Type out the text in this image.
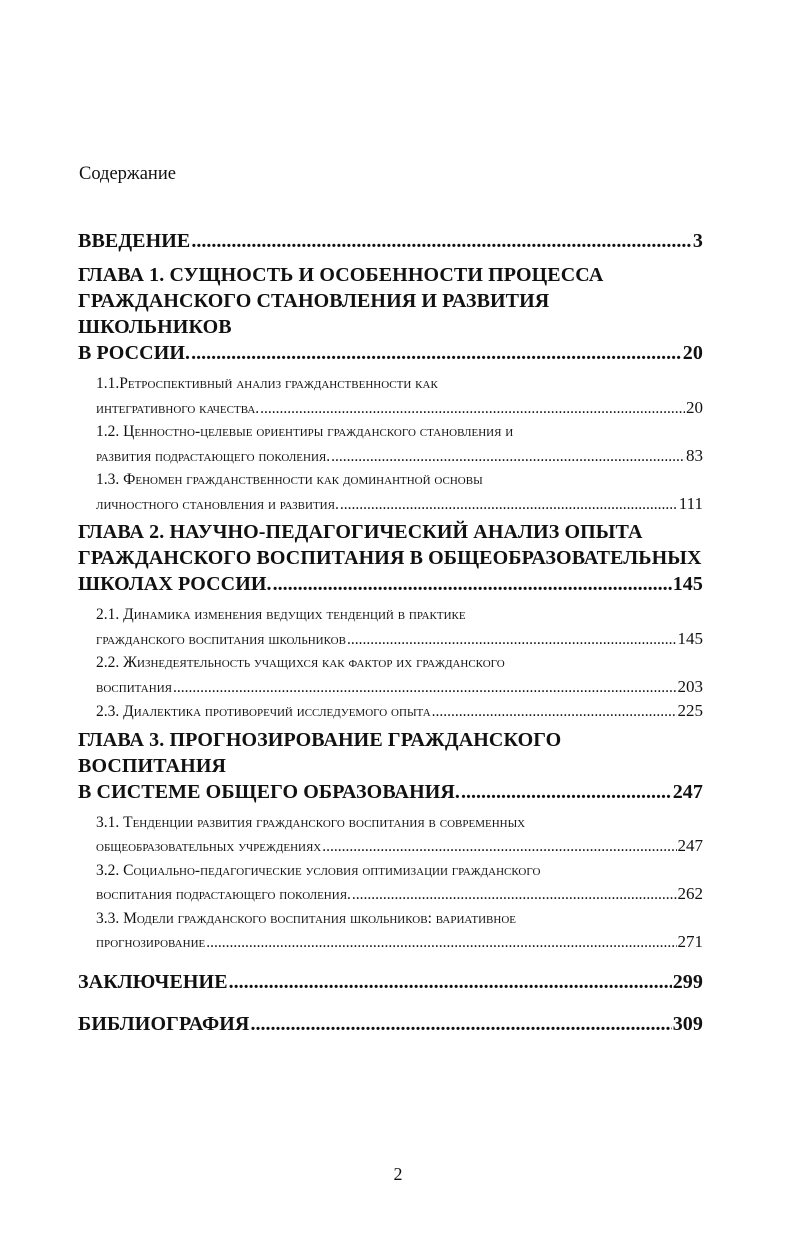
Содержание
ВВЕДЕНИЕ .....	3
ГЛАВА 1. СУЩНОСТЬ И ОСОБЕННОСТИ ПРОЦЕССА
ГРАЖДАНСКОГО СТАНОВЛЕНИЯ И РАЗВИТИЯ ШКОЛЬНИКОВ
В РОССИИ. .....	20
1.1.Ретроспективный анализ гражданственности как
интегративного качества. .....	20
1.2. Ценностно-целевые ориентиры гражданского становления и
развития подрастающего поколения. .....	83
1.3. Феномен гражданственности как доминантной основы
личностного становления и развития. .....	111
ГЛАВА 2. НАУЧНО-ПЕДАГОГИЧЕСКИЙ АНАЛИЗ ОПЫТА
ГРАЖДАНСКОГО ВОСПИТАНИЯ В ОБЩЕОБРАЗОВАТЕЛЬНЫХ
ШКОЛАХ РОССИИ. .....	145
2.1. Динамика изменения ведущих тенденций в практике
гражданского воспитания школьников .....	145
2.2. Жизнедеятельность учащихся как фактор их гражданского
воспитания .....	203
2.3. Диалектика противоречий исследуемого опыта .....	225
ГЛАВА 3. ПРОГНОЗИРОВАНИЕ ГРАЖДАНСКОГО ВОСПИТАНИЯ
В СИСТЕМЕ ОБЩЕГО ОБРАЗОВАНИЯ. .....	247
3.1. Тенденции развития гражданского воспитания в современных
общеобразовательных учреждениях .....	247
3.2. Социально-педагогические условия оптимизации гражданского
воспитания подрастающего поколения. .....	262
3.3. Модели гражданского воспитания школьников: вариативное
прогнозирование .....	271
ЗАКЛЮЧЕНИЕ .....	299
БИБЛИОГРАФИЯ .....	309
2
